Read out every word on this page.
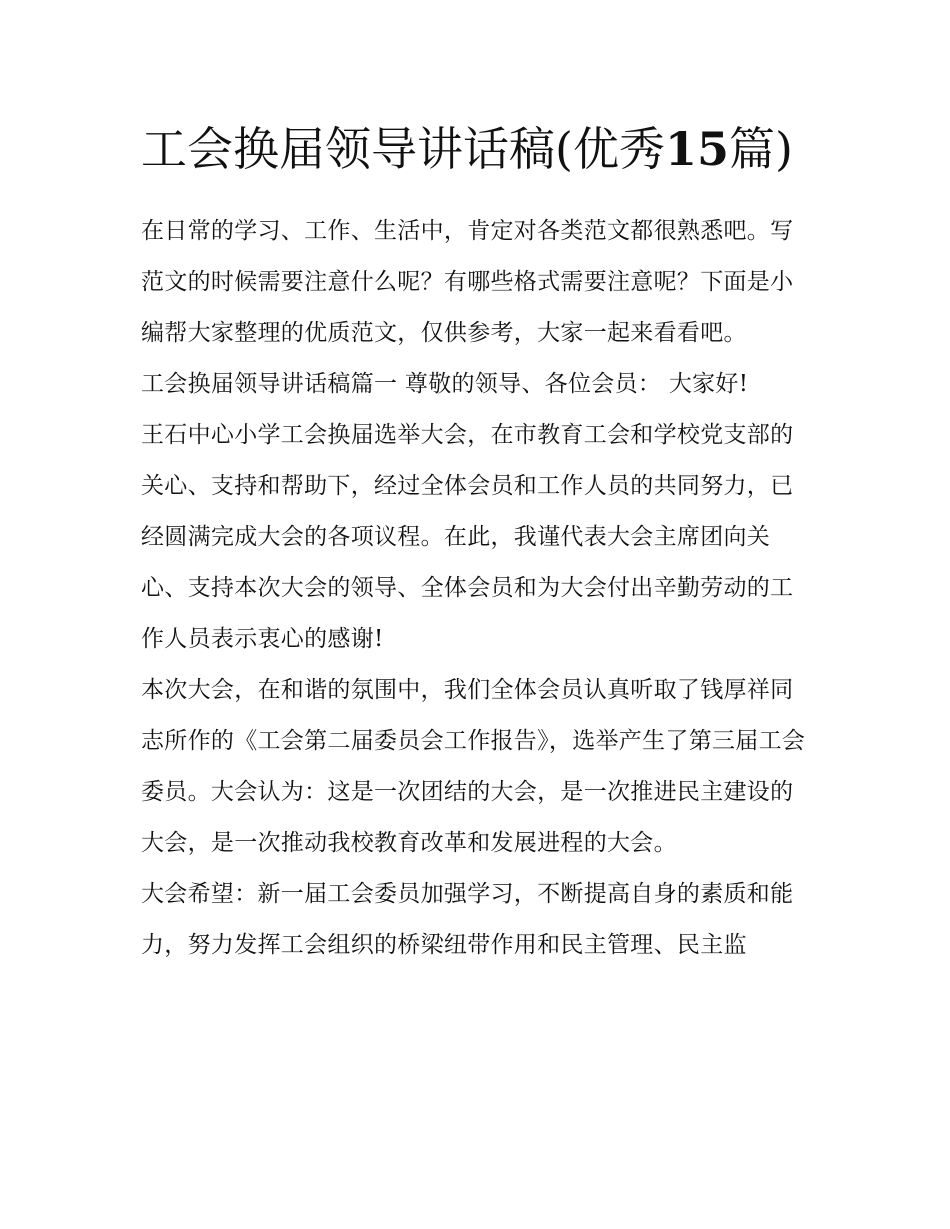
工会换届领导讲话稿(优秀15篇)

在日常的学习、工作、生活中，肯定对各类范文都很熟悉吧。写范文的时候需要注意什么呢？有哪些格式需要注意呢？下面是小编帮大家整理的优质范文，仅供参考，大家一起来看看吧。

工会换届领导讲话稿篇一 尊敬的领导、各位会员： 大家好!

王石中心小学工会换届选举大会，在市教育工会和学校党支部的关心、支持和帮助下，经过全体会员和工作人员的共同努力，已经圆满完成大会的各项议程。在此，我谨代表大会主席团向关心、支持本次大会的领导、全体会员和为大会付出辛勤劳动的工作人员表示衷心的感谢!

本次大会，在和谐的氛围中，我们全体会员认真听取了钱厚祥同志所作的《工会第二届委员会工作报告》，选举产生了第三届工会委员。大会认为：这是一次团结的大会，是一次推进民主建设的大会，是一次推动我校教育改革和发展进程的大会。

大会希望：新一届工会委员加强学习，不断提高自身的素质和能力，努力发挥工会组织的桥梁纽带作用和民主管理、民主监
